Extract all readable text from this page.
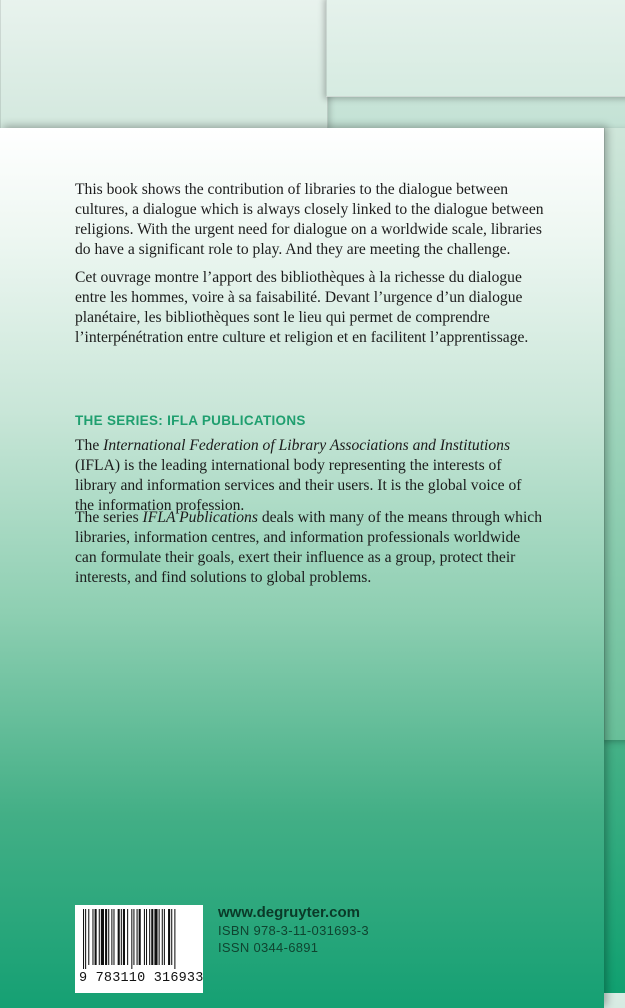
This book shows the contribution of libraries to the dialogue between
cultures, a dialogue which is always closely linked to the dialogue between
religions. With the urgent need for dialogue on a worldwide scale, libraries
do have a significant role to play. And they are meeting the challenge.

Cet ouvrage montre l’apport des bibliothèques à la richesse du dialogue
entre les hommes, voire à sa faisabilité. Devant l’urgence d’un dialogue
planétaire, les bibliothèques sont le lieu qui permet de comprendre
l’interpénétration entre culture et religion et en facilitent l’apprentissage.

THE SERIES: IFLA PUBLICATIONS

The International Federation of Library Associations and Institutions
(IFLA) is the leading international body representing the interests of
library and information services and their users. It is the global voice of
the information profession.

The series IFLA Publications deals with many of the means through which
libraries, information centres, and information professionals worldwide
can formulate their goals, exert their influence as a group, protect their
interests, and find solutions to global problems.

9 783110 316933
www.degruyter.com
ISBN 978-3-11-031693-3
ISSN 0344-6891
